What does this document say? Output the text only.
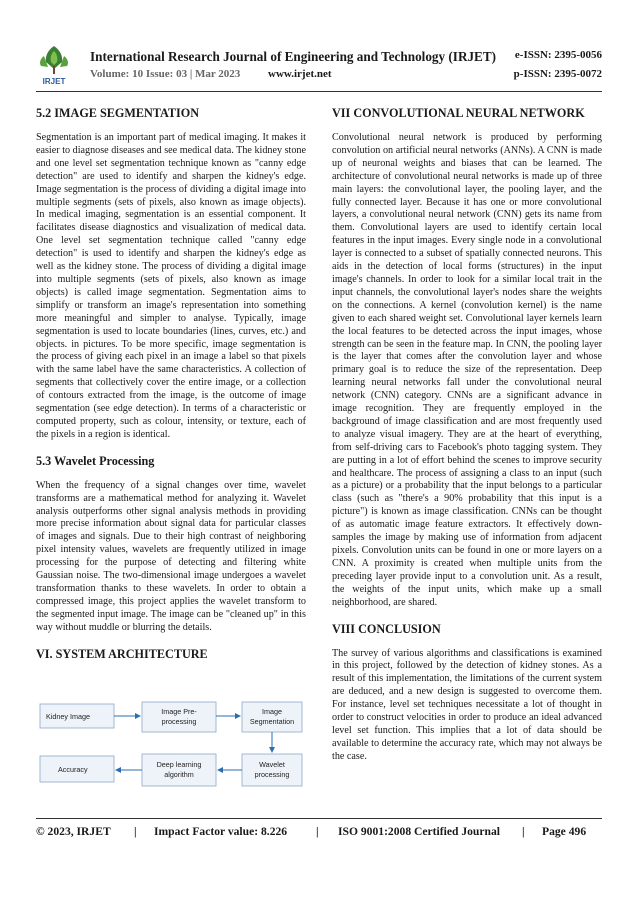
IRJET
International Research Journal of Engineering and Technology (IRJET) e-ISSN: 2395-0056
Volume: 10 Issue: 03 | Mar 2023	www.irjet.net	p-ISSN: 2395-0072
5.2 IMAGE SEGMENTATION

Segmentation is an important part of medical imaging. It makes it easier to diagnose diseases and see medical data. The kidney stone and one level set segmentation technique known as "canny edge detection" are used to identify and sharpen the kidney's edge. Image segmentation is the process of dividing a digital image into multiple segments (sets of pixels, also known as image objects). In medical imaging, segmentation is an essential component. It facilitates disease diagnostics and visualization of medical data. One level set segmentation technique called "canny edge detection" is used to identify and sharpen the kidney's edge as well as the kidney stone. The process of dividing a digital image into multiple segments (sets of pixels, also known as image objects) is called image segmentation. Segmentation aims to simplify or transform an image's representation into something more meaningful and simpler to analyse. Typically, image segmentation is used to locate boundaries (lines, curves, etc.) and objects. in pictures. To be more specific, image segmentation is the process of giving each pixel in an image a label so that pixels with the same label have the same characteristics. A collection of segments that collectively cover the entire image, or a collection of contours extracted from the image, is the outcome of image segmentation (see edge detection). In terms of a characteristic or computed property, such as colour, intensity, or texture, each of the pixels in a region is identical.

5.3 Wavelet Processing

When the frequency of a signal changes over time, wavelet transforms are a mathematical method for analyzing it. Wavelet analysis outperforms other signal analysis methods in providing more precise information about signal data for particular classes of images and signals. Due to their high contrast of neighboring pixel intensity values, wavelets are frequently utilized in image processing for the purpose of detecting and filtering white Gaussian noise. The two-dimensional image undergoes a wavelet transformation thanks to these wavelets. In order to obtain a compressed image, this project applies the wavelet transform to the segmented input image. The image can be "cleaned up" in this way without muddle or blurring the details.

VI. SYSTEM ARCHITECTURE
Kidney Image
Image Pre-
processing
Image
Segmentation
Accuracy
Deep learning
algorithm
Wavelet
processing
VII CONVOLUTIONAL NEURAL NETWORK

Convolutional neural network is produced by performing convolution on artificial neural networks (ANNs). A CNN is made up of neuronal weights and biases that can be learned. The architecture of convolutional neural networks is made up of three main layers: the convolutional layer, the pooling layer, and the fully connected layer. Because it has one or more convolutional layers, a convolutional neural network (CNN) gets its name from them. Convolutional layers are used to identify certain local features in the input images. Every single node in a convolutional layer is connected to a subset of spatially connected neurons. This aids in the detection of local forms (structures) in the input image's channels. In order to look for a similar local trait in the input channels, the convolutional layer's nodes share the weights on the connections. A kernel (convolution kernel) is the name given to each shared weight set. Convolutional layer kernels learn the local features to be detected across the input images, whose strength can be seen in the feature map. In CNN, the pooling layer is the layer that comes after the convolution layer and whose primary goal is to reduce the size of the representation. Deep learning neural networks fall under the convolutional neural network (CNN) category. CNNs are a significant advance in image recognition. They are frequently employed in the background of image classification and are most frequently used to analyze visual imagery. They are at the heart of everything, from self-driving cars to Facebook's photo tagging system. They are putting in a lot of effort behind the scenes to improve security and healthcare. The process of assigning a class to an input (such as a picture) or a probability that the input belongs to a particular class (such as "there's a 90% probability that this input is a picture") is known as image classification. CNNs can be thought of as automatic image feature extractors. It effectively down-samples the image by making use of information from adjacent pixels. Convolution units can be found in one or more layers on a CNN. A proximity is created when multiple units from the preceding layer provide input to a convolution unit. As a result, the weights of the input units, which make up a small neighborhood, are shared.

VIII CONCLUSION

The survey of various algorithms and classifications is examined in this project, followed by the detection of kidney stones. As a result of this implementation, the limitations of the current system are deduced, and a new design is suggested to overcome them. For instance, level set techniques necessitate a lot of thought in order to construct velocities in order to produce an ideal advanced level set function. This implies that a lot of data should be available to determine the accuracy rate, which may not always be the case.

© 2023, IRJET | Impact Factor value: 8.226 | ISO 9001:2008 Certified Journal | Page 496
